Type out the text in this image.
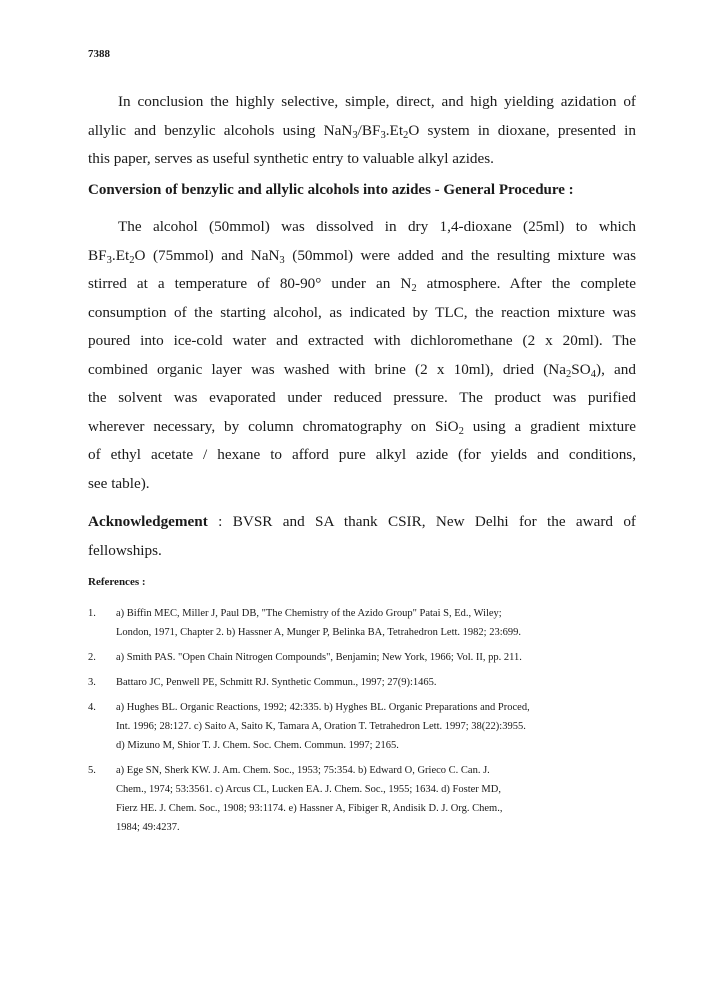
7388
In conclusion the highly selective, simple, direct, and high yielding azidation of
allylic and benzylic alcohols using $NaN_3/BF_3.Et_2O$ system in dioxane, presented in
this paper, serves as useful synthetic entry to valuable alkyl azides.
Conversion of benzylic and allylic alcohols into azides - General Procedure :
The alcohol (50mmol) was dissolved in dry 1,4-dioxane (25ml) to which
$BF_3.Et_2O$ (75mmol) and NaN$_3$ (50mmol) were added and the resulting mixture was
stirred at a temperature of 80-90° under an $N_2$ atmosphere. After the complete
consumption of the starting alcohol, as indicated by TLC, the reaction mixture was
poured into ice-cold water and extracted with dichloromethane (2 x 20ml). The
combined organic layer was washed with brine (2 x 10ml), dried $(Na_2SO_4)$, and
the solvent was evaporated under reduced pressure. The product was purified
wherever necessary, by column chromatography on SiO$_2$ using a gradient mixture
of ethyl acetate / hexane to afford pure alkyl azide (for yields and conditions,
see table).
Acknowledgement : BVSR and SA thank CSIR, New Delhi for the award of
fellowships.
References :
1. a) Biffin MEC, Miller J, Paul DB, "The Chemistry of the Azido Group" Patai S, Ed., Wiley;
London, 1971, Chapter 2. b) Hassner A, Munger P, Belinka BA, Tetrahedron Lett. 1982; 23:699.
2. a) Smith PAS. "Open Chain Nitrogen Compounds", Benjamin; New York, 1966; Vol. II, pp. 211.
3. Battaro JC, Penwell PE, Schmitt RJ. Synthetic Commun., 1997; 27(9):1465.
4. a) Hughes BL. Organic Reactions, 1992; 42:335. b) Hyghes BL. Organic Preparations and Proced,
Int. 1996; 28:127. c) Saito A, Saito K, Tamara A, Oration T. Tetrahedron Lett. 1997; 38(22):3955.
d) Mizuno M, Shior T. J. Chem. Soc. Chem. Commun. 1997; 2165.
5. a) Ege SN, Sherk KW. J. Am. Chem. Soc., 1953; 75:354. b) Edward O, Grieco C. Can. J.
Chem., 1974; 53:3561. c) Arcus CL, Lucken EA. J. Chem. Soc., 1955; 1634. d) Foster MD,
Fierz HE. J. Chem. Soc., 1908; 93:1174. e) Hassner A, Fibiger R, Andisik D. J. Org. Chem.,
1984; 49:4237.
